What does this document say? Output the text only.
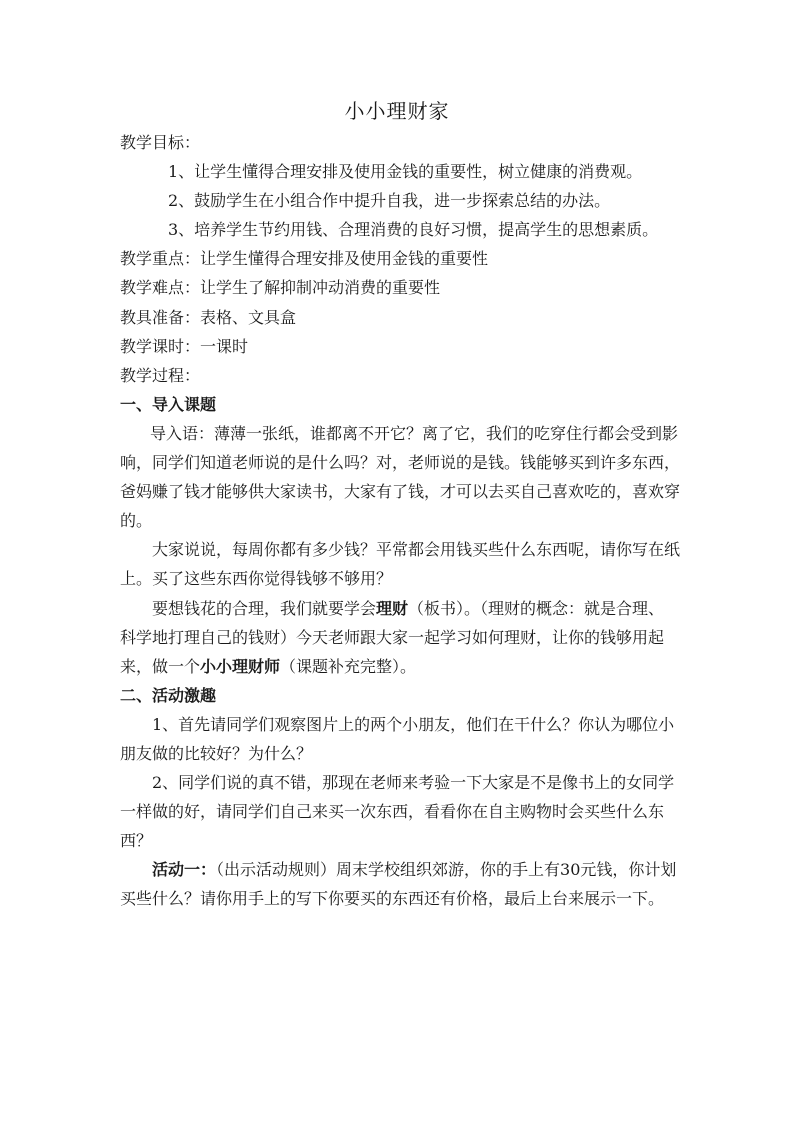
小小理财家

教学目标：

1、让学生懂得合理安排及使用金钱的重要性，树立健康的消费观。

2、鼓励学生在小组合作中提升自我，进一步探索总结的办法。

3、培养学生节约用钱、合理消费的良好习惯，提高学生的思想素质。

教学重点：让学生懂得合理安排及使用金钱的重要性

教学难点：让学生了解抑制冲动消费的重要性

教具准备：表格、文具盒

教学课时：一课时

教学过程：

一、导入课题

导入语：薄薄一张纸，谁都离不开它？离了它，我们的吃穿住行都会受到影响，同学们知道老师说的是什么吗？对，老师说的是钱。钱能够买到许多东西，爸妈赚了钱才能够供大家读书，大家有了钱，才可以去买自己喜欢吃的，喜欢穿的。

大家说说，每周你都有多少钱？平常都会用钱买些什么东西呢，请你写在纸上。买了这些东西你觉得钱够不够用？

要想钱花的合理，我们就要学会理财（板书）。（理财的概念：就是合理、科学地打理自己的钱财）今天老师跟大家一起学习如何理财，让你的钱够用起来，做一个小小理财师（课题补充完整）。

二、活动激趣

1、首先请同学们观察图片上的两个小朋友，他们在干什么？你认为哪位小朋友做的比较好？为什么？

2、同学们说的真不错，那现在老师来考验一下大家是不是像书上的女同学一样做的好，请同学们自己来买一次东西，看看你在自主购物时会买些什么东西？

活动一：（出示活动规则）周末学校组织郊游，你的手上有30元钱，你计划买些什么？请你用手上的写下你要买的东西还有价格，最后上台来展示一下。
